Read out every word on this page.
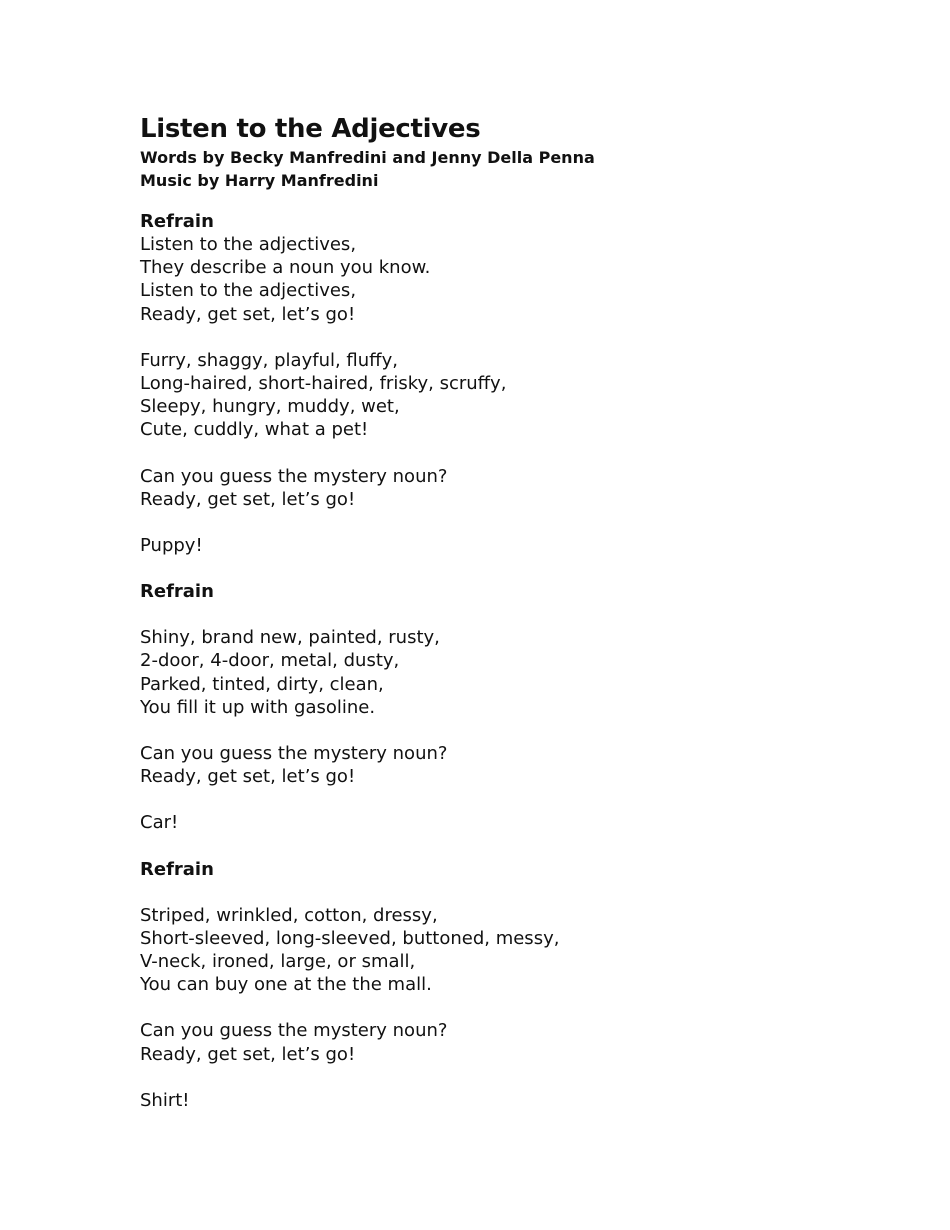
Listen to the Adjectives

Words by Becky Manfredini and Jenny Della Penna

Music by Harry Manfredini

Refrain

Listen to the adjectives,

They describe a noun you know.

Listen to the adjectives,

Ready, get set, let’s go!

Furry, shaggy, playful, fluffy,

Long-haired, short-haired, frisky, scruffy,

Sleepy, hungry, muddy, wet,

Cute, cuddly, what a pet!

Can you guess the mystery noun?

Ready, get set, let’s go!

Puppy!

Refrain

Shiny, brand new, painted, rusty,

2-door, 4-door, metal, dusty,

Parked, tinted, dirty, clean,

You fill it up with gasoline.

Can you guess the mystery noun?

Ready, get set, let’s go!

Car!

Refrain

Striped, wrinkled, cotton, dressy,

Short-sleeved, long-sleeved, buttoned, messy,

V-neck, ironed, large, or small,

You can buy one at the the mall.

Can you guess the mystery noun?

Ready, get set, let’s go!

Shirt!
